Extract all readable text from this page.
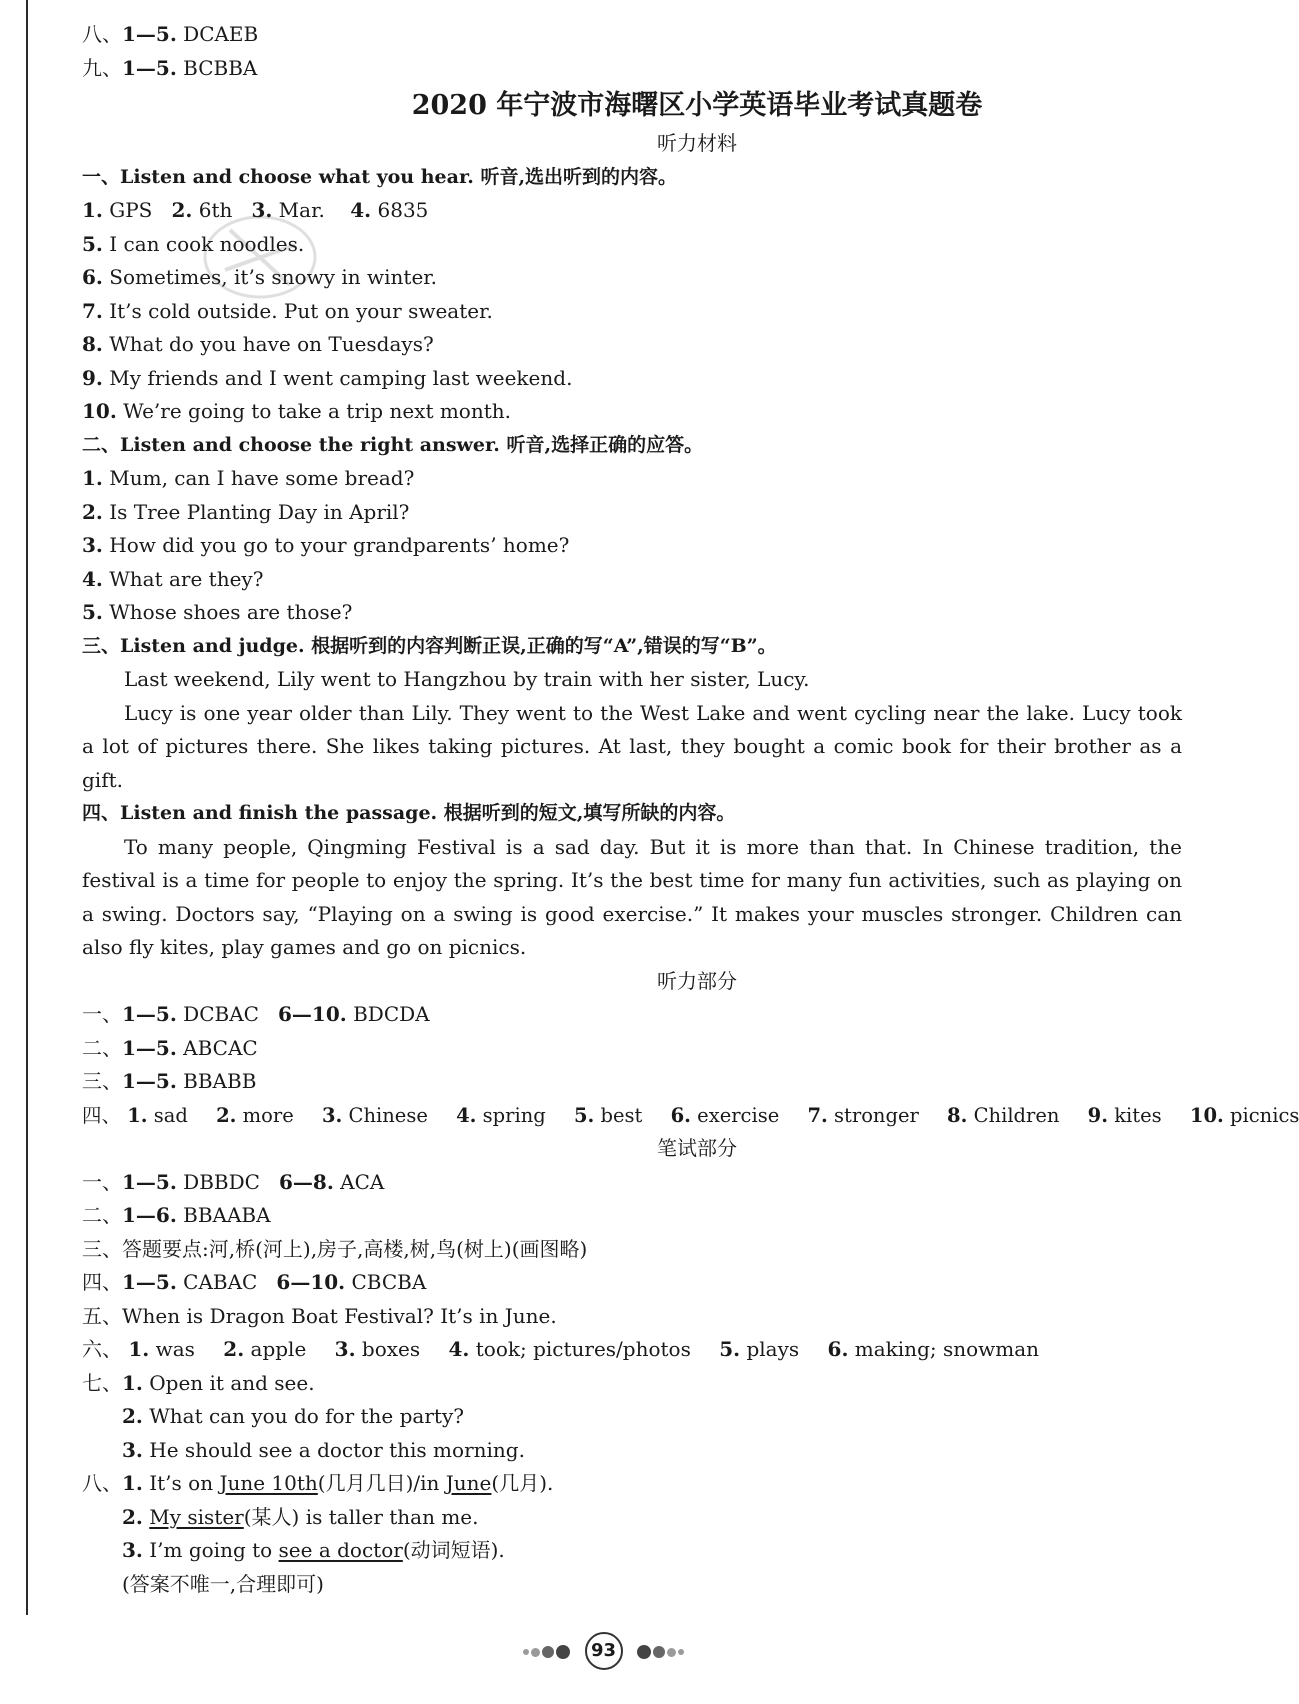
八、1—5. DCAEB
九、1—5. BCBBA
2020 年宁波市海曙区小学英语毕业考试真题卷
听力材料
一、Listen and choose what you hear. 听音,选出听到的内容。
1. GPS 2. 6th 3. Mar. 4. 6835
5. I can cook noodles.
6. Sometimes, it’s snowy in winter.
7. It’s cold outside. Put on your sweater.
8. What do you have on Tuesdays?
9. My friends and I went camping last weekend.
10. We’re going to take a trip next month.
二、Listen and choose the right answer. 听音,选择正确的应答。
1. Mum, can I have some bread?
2. Is Tree Planting Day in April?
3. How did you go to your grandparents’ home?
4. What are they?
5. Whose shoes are those?
三、Listen and judge. 根据听到的内容判断正误,正确的写“A”,错误的写“B”。
Last weekend, Lily went to Hangzhou by train with her sister, Lucy.
Lucy is one year older than Lily. They went to the West Lake and went cycling near the lake. Lucy took a lot of pictures there. She likes taking pictures. At last, they bought a comic book for their brother as a gift.
四、Listen and finish the passage. 根据听到的短文,填写所缺的内容。
To many people, Qingming Festival is a sad day. But it is more than that. In Chinese tradition, the festival is a time for people to enjoy the spring. It’s the best time for many fun activities, such as playing on a swing. Doctors say, “Playing on a swing is good exercise.” It makes your muscles stronger. Children can also fly kites, play games and go on picnics.
听力部分
一、1—5. DCBAC 6—10. BDCDA
二、1—5. ABCAC
三、1—5. BBABB
四、 1. sad 2. more 3. Chinese 4. spring 5. best 6. exercise 7. stronger 8. Children 9. kites 10. picnics
笔试部分
一、1—5. DBBDC 6—8. ACA
二、1—6. BBAABA
三、答题要点:河,桥(河上),房子,高楼,树,鸟(树上)(画图略)
四、1—5. CABAC 6—10. CBCBA
五、When is Dragon Boat Festival? It’s in June.
六、 1. was 2. apple 3. boxes 4. took; pictures/photos 5. plays 6. making; snowman
七、1. Open it and see.
2. What can you do for the party?
3. He should see a doctor this morning.
八、1. It’s on June 10th(几月几日)/in June(几月).
2. My sister(某人) is taller than me.
3. I’m going to see a doctor(动词短语).
(答案不唯一,合理即可)
93
